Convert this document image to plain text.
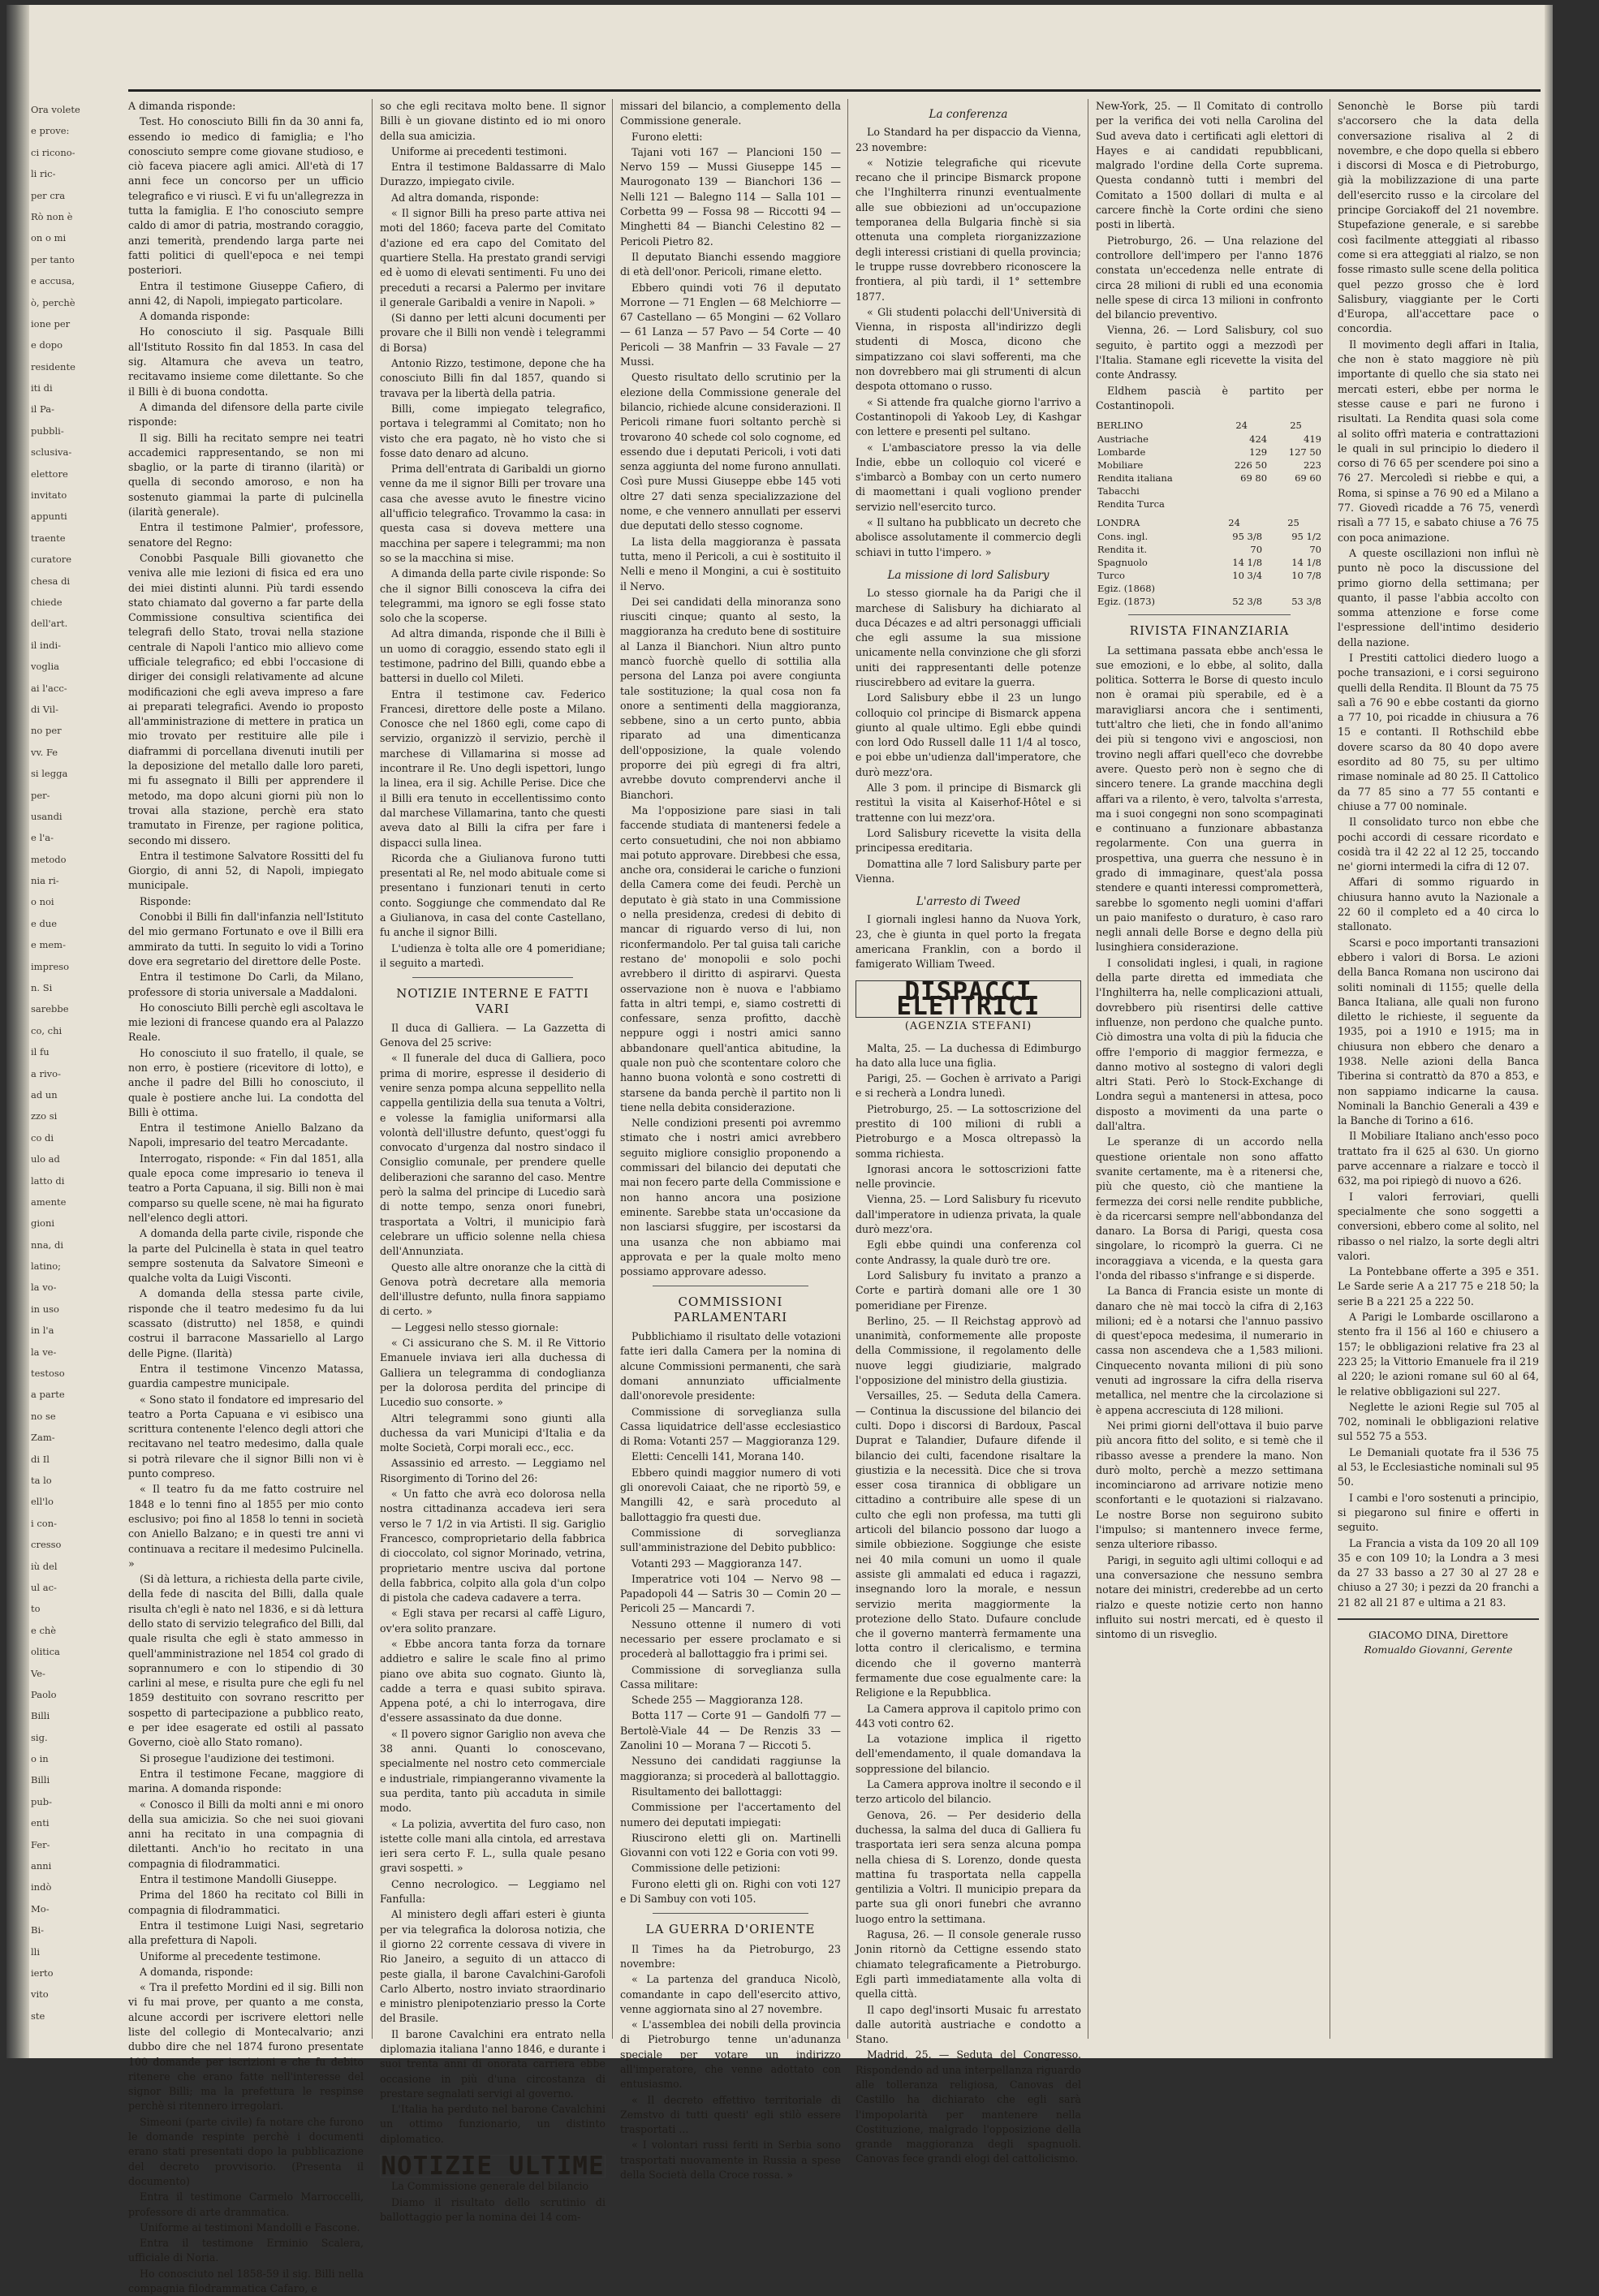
Ora volete

e prove:

ci ricono-

li ric-

per cra

Rò non è

on o mi

per tanto

e accusa,

ò, perchè

ione per

e dopo

residente

iti di

il Pa-

pubbli-

sclusiva-

elettore

invitato

appunti

traente

curatore

chesa di

chiede

dell'art.

il indi-

voglia

ai l'acc-

di Vil-

no per

vv. Fe

si legga

per-

usandi

e l'a-

metodo

nia ri-

o noi

e due

e mem-

impreso

n. Si

sarebbe

co, chi

il fu

a rivo-

ad un

zzo si

co di

ulo ad

latto di

amente

gioni

nna, di

latino;

la vo-

in uso

in l'a

la ve-

testoso

a parte

no se

Zam-

di Il

ta lo

ell'lo

i con-

cresso

iù del

ul ac-

to

e chè

olitica

Ve-

Paolo

Billi

sig.

o in

Billi

pub-

enti

Fer-

anni

indò

Mo-

Bi-

lli

ierto

vito

ste

A dimanda risponde:

Test. Ho conosciuto Billi fin da 30 anni fa, essendo io medico di famiglia; e l'ho conosciuto sempre come giovane studioso, e ciò faceva piacere agli amici. All'età di 17 anni fece un concorso per un ufficio telegrafico e vi riuscì. E vi fu un'allegrezza in tutta la famiglia. E l'ho conosciuto sempre caldo di amor di patria, mostrando coraggio, anzi temerità, prendendo larga parte nei fatti politici di quell'epoca e nei tempi posteriori.

Entra il testimone Giuseppe Cafiero, di anni 42, di Napoli, impiegato particolare.

A domanda risponde:

Ho conosciuto il sig. Pasquale Billi all'Istituto Rossito fin dal 1853. In casa del sig. Altamura che aveva un teatro, recitavamo insieme come dilettante. So che il Billi è di buona condotta.

A dimanda del difensore della parte civile risponde:

Il sig. Billi ha recitato sempre nei teatri accademici rappresentando, se non mi sbaglio, or la parte di tiranno (ilarità) or quella di secondo amoroso, e non ha sostenuto giammai la parte di pulcinella (ilarità generale).

Entra il testimone Palmier', professore, senatore del Regno:

Conobbi Pasquale Billi giovanetto che veniva alle mie lezioni di fisica ed era uno dei miei distinti alunni. Più tardi essendo stato chiamato dal governo a far parte della Commissione consultiva scientifica dei telegrafi dello Stato, trovai nella stazione centrale di Napoli l'antico mio allievo come ufficiale telegrafico; ed ebbi l'occasione di diriger dei consigli relativamente ad alcune modificazioni che egli aveva impreso a fare ai preparati telegrafici. Avendo io proposto all'amministrazione di mettere in pratica un mio trovato per restituire alle pile i diaframmi di porcellana divenuti inutili per la deposizione del metallo dalle loro pareti, mi fu assegnato il Billi per apprendere il metodo, ma dopo alcuni giorni più non lo trovai alla stazione, perchè era stato tramutato in Firenze, per ragione politica, secondo mi dissero.

Entra il testimone Salvatore Rossitti del fu Giorgio, di anni 52, di Napoli, impiegato municipale.

Risponde:

Conobbi il Billi fin dall'infanzia nell'Istituto del mio germano Fortunato e ove il Billi era ammirato da tutti. In seguito lo vidi a Torino dove era segretario del direttore delle Poste.

Entra il testimone Do Carli, da Milano, professore di storia universale a Maddaloni.

Ho conosciuto Billi perchè egli ascoltava le mie lezioni di francese quando era al Palazzo Reale.

Ho conosciuto il suo fratello, il quale, se non erro, è postiere (ricevitore di lotto), e anche il padre del Billi ho conosciuto, il quale è postiere anche lui. La condotta del Billi è ottima.

Entra il testimone Aniello Balzano da Napoli, impresario del teatro Mercadante.

Interrogato, risponde: « Fin dal 1851, alla quale epoca come impresario io teneva il teatro a Porta Capuana, il sig. Billi non è mai comparso su quelle scene, nè mai ha figurato nell'elenco degli attori.

A domanda della parte civile, risponde che la parte del Pulcinella è stata in quel teatro sempre sostenuta da Salvatore Simeonì e qualche volta da Luigi Visconti.

A domanda della stessa parte civile, risponde che il teatro medesimo fu da lui scassato (distrutto) nel 1858, e quindi costrui il barracone Massariello al Largo delle Pigne. (Ilarità)

Entra il testimone Vincenzo Matassa, guardia campestre municipale.

« Sono stato il fondatore ed impresario del teatro a Porta Capuana e vi esibisco una scrittura contenente l'elenco degli attori che recitavano nel teatro medesimo, dalla quale si potrà rilevare che il signor Billi non vi è punto compreso.

« Il teatro fu da me fatto costruire nel 1848 e lo tenni fino al 1855 per mio conto esclusivo; poi fino al 1858 lo tenni in società con Aniello Balzano; e in questi tre anni vi continuava a recitare il medesimo Pulcinella. »

(Si dà lettura, a richiesta della parte civile, della fede di nascita del Billi, dalla quale risulta ch'egli è nato nel 1836, e si dà lettura dello stato di servizio telegrafico del Billi, dal quale risulta che egli è stato ammesso in quell'amministrazione nel 1854 col grado di soprannumero e con lo stipendio di 30 carlini al mese, e risulta pure che egli fu nel 1859 destituito con sovrano rescritto per sospetto di partecipazione a pubblico reato, e per idee esagerate ed ostili al passato Governo, cioè allo Stato romano).

Si prosegue l'audizione dei testimoni.

Entra il testimone Fecane, maggiore di marina. A domanda risponde:

« Conosco il Billi da molti anni e mi onoro della sua amicizia. So che nei suoi giovani anni ha recitato in una compagnia di dilettanti. Anch'io ho recitato in una compagnia di filodrammatici.

Entra il testimone Mandolli Giuseppe.

Prima del 1860 ha recitato col Billi in compagnia di filodrammatici.

Entra il testimone Luigi Nasi, segretario alla prefettura di Napoli.

Uniforme al precedente testimone.

A domanda, risponde:

« Tra il prefetto Mordini ed il sig. Billi non vi fu mai prove, per quanto a me consta, alcune accordi per iscrivere elettori nelle liste del collegio di Montecalvario; anzi dubbo dire che nel 1874 furono presentate 100 domande per iscrizioni e che fu debito ritenere che erano fatte nell'interesse del signor Billi; ma la prefettura le respinse perchè si ritennero irregolari.

Simeoni (parte civile) fa notare che furono le domande respinte perchè i documenti erano stati presentati dopo la pubblicazione del decreto provvisorio. (Presenta il documento)

Entra il testimone Carmelo Marroccelli, professore di arte drammatica.

Uniforme ai testimoni Mandolli e Fascone.

Entra il testimone Erminio Scalera, ufficiale di Noria.

Ho conosciuto nel 1858-59 il sig. Billi nella compagnia filodrammatica Cafaro, e

so che egli recitava molto bene. Il signor Billi è un giovane distinto ed io mi onoro della sua amicizia.

Uniforme ai precedenti testimoni.

Entra il testimone Baldassarre di Malo Durazzo, impiegato civile.

Ad altra domanda, risponde:

« Il signor Billi ha preso parte attiva nei moti del 1860; faceva parte del Comitato d'azione ed era capo del Comitato del quartiere Stella. Ha prestato grandi servigi ed è uomo di elevati sentimenti. Fu uno dei preceduti a recarsi a Palermo per invitare il generale Garibaldi a venire in Napoli. »

(Si danno per letti alcuni documenti per provare che il Billi non vendè i telegrammi di Borsa)

Antonio Rizzo, testimone, depone che ha conosciuto Billi fin dal 1857, quando si travava per la libertà della patria.

Billi, come impiegato telegrafico, portava i telegrammi al Comitato; non ho visto che era pagato, nè ho visto che si fosse dato denaro ad alcuno.

Prima dell'entrata di Garibaldi un giorno venne da me il signor Billi per trovare una casa che avesse avuto le finestre vicino all'ufficio telegrafico. Trovammo la casa: in questa casa si doveva mettere una macchina per sapere i telegrammi; ma non so se la macchina si mise.

A dimanda della parte civile risponde: So che il signor Billi conosceva la cifra dei telegrammi, ma ignoro se egli fosse stato solo che la scoperse.

Ad altra dimanda, risponde che il Billi è un uomo di coraggio, essendo stato egli il testimone, padrino del Billi, quando ebbe a battersi in duello col Mileti.

Entra il testimone cav. Federico Francesi, direttore delle poste a Milano. Conosce che nel 1860 egli, come capo di servizio, organizzò il servizio, perchè il marchese di Villamarina si mosse ad incontrare il Re. Uno degli ispettori, lungo la linea, era il sig. Achille Perise. Dice che il Billi era tenuto in eccellentissimo conto dal marchese Villamarina, tanto che questi aveva dato al Billi la cifra per fare i dispacci sulla linea.

Ricorda che a Giulianova furono tutti presentati al Re, nel modo abituale come si presentano i funzionari tenuti in certo conto. Soggiunge che commendato dal Re a Giulianova, in casa del conte Castellano, fu anche il signor Billi.

L'udienza è tolta alle ore 4 pomeridiane; il seguito a martedì.

NOTIZIE INTERNE E FATTI VARI

Il duca di Galliera. — La Gazzetta di Genova del 25 scrive:

« Il funerale del duca di Galliera, poco prima di morire, espresse il desiderio di venire senza pompa alcuna seppellito nella cappella gentilizia della sua tenuta a Voltri, e volesse la famiglia uniformarsi alla volontà dell'illustre defunto, quest'oggi fu convocato d'urgenza dal nostro sindaco il Consiglio comunale, per prendere quelle deliberazioni che saranno del caso. Mentre però la salma del principe di Lucedio sarà di notte tempo, senza onori funebri, trasportata a Voltri, il municipio farà celebrare un ufficio solenne nella chiesa dell'Annunziata.

Questo alle altre onoranze che la città di Genova potrà decretare alla memoria dell'illustre defunto, nulla finora sappiamo di certo. »

— Leggesi nello stesso giornale:

« Ci assicurano che S. M. il Re Vittorio Emanuele inviava ieri alla duchessa di Galliera un telegramma di condoglianza per la dolorosa perdita del principe di Lucedio suo consorte. »

Altri telegrammi sono giunti alla duchessa da vari Municipi d'Italia e da molte Società, Corpi morali ecc., ecc.

Assassinio ed arresto. — Leggiamo nel Risorgimento di Torino del 26:

« Un fatto che avrà eco dolorosa nella nostra cittadinanza accadeva ieri sera verso le 7 1/2 in via Artisti. Il sig. Gariglio Francesco, comproprietario della fabbrica di cioccolato, col signor Morinado, vetrina, proprietario mentre usciva dal portone della fabbrica, colpito alla gola d'un colpo di pistola che cadeva cadavere a terra.

« Egli stava per recarsi al caffè Liguro, ov'era solito pranzare.

« Ebbe ancora tanta forza da tornare addietro e salire le scale fino al primo piano ove abita suo cognato. Giunto là, cadde a terra e quasi subito spirava. Appena poté, a chi lo interrogava, dire d'essere assassinato da due donne.

« Il povero signor Gariglio non aveva che 38 anni. Quanti lo conoscevano, specialmente nel nostro ceto commerciale e industriale, rimpiangeranno vivamente la sua perdita, tanto più accaduta in simile modo.

« La polizia, avvertita del furo caso, non istette colle mani alla cintola, ed arrestava ieri sera certo F. L., sulla quale pesano gravi sospetti. »

Cenno necrologico. — Leggiamo nel Fanfulla:

Al ministero degli affari esteri è giunta per via telegrafica la dolorosa notizia, che il giorno 22 corrente cessava di vivere in Rio Janeiro, a seguito di un attacco di peste gialla, il barone Cavalchini-Garofoli Carlo Alberto, nostro inviato straordinario e ministro plenipotenziario presso la Corte del Brasile.

Il barone Cavalchini era entrato nella diplomazia italiana l'anno 1846, e durante i suoi trenta anni di onorata carriera ebbe occasione in più d'una circostanza di prestare segnalati servigi al governo.

L'Italia ha perduto nel barone Cavalchini un ottimo funzionario, un distinto diplomatico.

NOTIZIE ULTIME

La Commissione generale del bilancio

Diamo il risultato dello scrutinio di ballottaggio per la nomina dei 14 com-

missari del bilancio, a complemento della Commissione generale.

Furono eletti:

Tajani voti 167 — Plancioni 150 — Nervo 159 — Mussi Giuseppe 145 — Maurogonato 139 — Bianchori 136 — Nelli 121 — Balegno 114 — Salla 101 — Corbetta 99 — Fossa 98 — Riccotti 94 — Minghetti 84 — Bianchi Celestino 82 — Pericoli Pietro 82.

Il deputato Bianchi essendo maggiore di età dell'onor. Pericoli, rimane eletto.

Ebbero quindi voti 76 il deputato Morrone — 71 Englen — 68 Melchiorre — 67 Castellano — 65 Mongini — 62 Vollaro — 61 Lanza — 57 Pavo — 54 Corte — 40 Pericoli — 38 Manfrin — 33 Favale — 27 Mussi.

Questo risultato dello scrutinio per la elezione della Commissione generale del bilancio, richiede alcune considerazioni. Il Pericoli rimane fuori soltanto perchè si trovarono 40 schede col solo cognome, ed essendo due i deputati Pericoli, i voti dati senza aggiunta del nome furono annullati. Così pure Mussi Giuseppe ebbe 145 voti oltre 27 dati senza specializzazione del nome, e che vennero annullati per esservi due deputati dello stesso cognome.

La lista della maggioranza è passata tutta, meno il Pericoli, a cui è sostituito il Nelli e meno il Mongini, a cui è sostituito il Nervo.

Dei sei candidati della minoranza sono riusciti cinque; quanto al sesto, la maggioranza ha creduto bene di sostituire al Lanza il Bianchori. Niun altro punto mancò fuorchè quello di sottilia alla persona del Lanza poi avere congiunta tale sostituzione; la qual cosa non fa onore a sentimenti della maggioranza, sebbene, sino a un certo punto, abbia riparato ad una dimenticanza dell'opposizione, la quale volendo proporre dei più egregi di fra altri, avrebbe dovuto comprendervi anche il Bianchori.

Ma l'opposizione pare siasi in tali faccende studiata di mantenersi fedele a certo consuetudini, che noi non abbiamo mai potuto approvare. Direbbesi che essa, anche ora, considerai le cariche o funzioni della Camera come dei feudi. Perchè un deputato è già stato in una Commissione o nella presidenza, credesi di debito di mancar di riguardo verso di lui, non riconfermandolo. Per tal guisa tali cariche restano de' monopolii e solo pochi avrebbero il diritto di aspirarvi. Questa osservazione non è nuova e l'abbiamo fatta in altri tempi, e, siamo costretti di confessare, senza profitto, dacchè neppure oggi i nostri amici sanno abbandonare quell'antica abitudine, la quale non può che scontentare coloro che hanno buona volontà e sono costretti di starsene da banda perchè il partito non li tiene nella debita considerazione.

Nelle condizioni presenti poi avremmo stimato che i nostri amici avrebbero seguito migliore consiglio proponendo a commissari del bilancio dei deputati che mai non fecero parte della Commissione e non hanno ancora una posizione eminente. Sarebbe stata un'occasione da non lasciarsi sfuggire, per iscostarsi da una usanza che non abbiamo mai approvata e per la quale molto meno possiamo approvare adesso.

COMMISSIONI PARLAMENTARI

Pubblichiamo il risultato delle votazioni fatte ieri dalla Camera per la nomina di alcune Commissioni permanenti, che sarà domani annunziato ufficialmente dall'onorevole presidente:

Commissione di sorveglianza sulla Cassa liquidatrice dell'asse ecclesiastico di Roma: Votanti 257 — Maggioranza 129.

Eletti: Cencelli 141, Morana 140.

Ebbero quindi maggior numero di voti gli onorevoli Caiaat, che ne riportò 59, e Mangilli 42, e sarà proceduto al ballottaggio fra questi due.

Commissione di sorveglianza sull'amministrazione del Debito pubblico:

Votanti 293 — Maggioranza 147.

Imperatrice voti 104 — Nervo 98 — Papadopoli 44 — Satris 30 — Comin 20 — Pericoli 25 — Mancardi 7.

Nessuno ottenne il numero di voti necessario per essere proclamato e si procederà al ballottaggio fra i primi sei.

Commissione di sorveglianza sulla Cassa militare:

Schede 255 — Maggioranza 128.

Botta 117 — Corte 91 — Gandolfi 77 — Bertolè-Viale 44 — De Renzis 33 — Zanolini 10 — Morana 7 — Riccoti 5.

Nessuno dei candidati raggiunse la maggioranza; si procederà al ballottaggio.

Risultamento dei ballottaggi:

Commissione per l'accertamento del numero dei deputati impiegati:

Riuscirono eletti gli on. Martinelli Giovanni con voti 122 e Goria con voti 99.

Commissione delle petizioni:

Furono eletti gli on. Righi con voti 127 e Di Sambuy con voti 105.

LA GUERRA D'ORIENTE

Il Times ha da Pietroburgo, 23 novembre:

« La partenza del granduca Nicolò, comandante in capo dell'esercito attivo, venne aggiornata sino al 27 novembre.

« L'assemblea dei nobili della provincia di Pietroburgo tenne un'adunanza speciale per votare un indirizzo all'imperatore, che venne adottato con entusiasmo.

« Il decreto effettivo territoriale di Zemstvo di tutti questi' egli stilò essere trasportati ...

« I volontari russi feriti in Serbia sono trasportati nuovamente in Russia a spese della Società della Croce rossa. »

La conferenza

Lo Standard ha per dispaccio da Vienna, 23 novembre:

« Notizie telegrafiche qui ricevute recano che il principe Bismarck propone che l'Inghilterra rinunzi eventualmente alle sue obbiezioni ad un'occupazione temporanea della Bulgaria finchè si sia ottenuta una completa riorganizzazione degli interessi cristiani di quella provincia; le truppe russe dovrebbero riconoscere la frontiera, al più tardi, il 1° settembre 1877.

« Gli studenti polacchi dell'Università di Vienna, in risposta all'indirizzo degli studenti di Mosca, dicono che simpatizzano coi slavi sofferenti, ma che non dovrebbero mai gli strumenti di alcun despota ottomano o russo.

« Si attende fra qualche giorno l'arrivo a Costantinopoli di Yakoob Ley, di Kashgar con lettere e presenti pel sultano.

« L'ambasciatore presso la via delle Indie, ebbe un colloquio col viceré e s'imbarcò a Bombay con un certo numero di maomettani i quali vogliono prender servizio nell'esercito turco.

« Il sultano ha pubblicato un decreto che abolisce assolutamente il commercio degli schiavi in tutto l'impero. »

La missione di lord Salisbury

Lo stesso giornale ha da Parigi che il marchese di Salisbury ha dichiarato al duca Décazes e ad altri personaggi ufficiali che egli assume la sua missione unicamente nella convinzione che gli sforzi uniti dei rappresentanti delle potenze riuscirebbero ad evitare la guerra.

Lord Salisbury ebbe il 23 un lungo colloquio col principe di Bismarck appena giunto al quale ultimo. Egli ebbe quindi con lord Odo Russell dalle 11 1/4 al tosco, e poi ebbe un'udienza dall'imperatore, che durò mezz'ora.

Alle 3 pom. il principe di Bismarck gli restituì la visita al Kaiserhof-Hôtel e si trattenne con lui mezz'ora.

Lord Salisbury ricevette la visita della principessa ereditaria.

Domattina alle 7 lord Salisbury parte per Vienna.

L'arresto di Tweed

I giornali inglesi hanno da Nuova York, 23, che è giunta in quel porto la fregata americana Franklin, con a bordo il famigerato William Tweed.

DISPACCI ELETTRICI
(AGENZIA STEFANI)

Malta, 25. — La duchessa di Edimburgo ha dato alla luce una figlia.

Parigi, 25. — Gochen è arrivato a Parigi e si recherà a Londra lunedì.

Pietroburgo, 25. — La sottoscrizione del prestito di 100 milioni di rubli a Pietroburgo e a Mosca oltrepassò la somma richiesta.

Ignorasi ancora le sottoscrizioni fatte nelle provincie.

Vienna, 25. — Lord Salisbury fu ricevuto dall'imperatore in udienza privata, la quale durò mezz'ora.

Egli ebbe quindi una conferenza col conte Andrassy, la quale durò tre ore.

Lord Salisbury fu invitato a pranzo a Corte e partirà domani alle ore 1 30 pomeridiane per Firenze.

Berlino, 25. — Il Reichstag approvò ad unanimità, conformemente alle proposte della Commissione, il regolamento delle nuove leggi giudiziarie, malgrado l'opposizione del ministro della giustizia.

Versailles, 25. — Seduta della Camera. — Continua la discussione del bilancio dei culti. Dopo i discorsi di Bardoux, Pascal Duprat e Talandier, Dufaure difende il bilancio dei culti, facendone risaltare la giustizia e la necessità. Dice che si trova esser cosa tirannica di obbligare un cittadino a contribuire alle spese di un culto che egli non professa, ma tutti gli articoli del bilancio possono dar luogo a simile obbiezione. Soggiunge che esiste nei 40 mila comuni un uomo il quale assiste gli ammalati ed educa i ragazzi, insegnando loro la morale, e nessun servizio merita maggiormente la protezione dello Stato. Dufaure conclude che il governo manterrà fermamente una lotta contro il clericalismo, e termina dicendo che il governo manterrà fermamente due cose egualmente care: la Religione e la Repubblica.

La Camera approva il capitolo primo con 443 voti contro 62.

La votazione implica il rigetto dell'emendamento, il quale domandava la soppressione del bilancio.

La Camera approva inoltre il secondo e il terzo articolo del bilancio.

Genova, 26. — Per desiderio della duchessa, la salma del duca di Galliera fu trasportata ieri sera senza alcuna pompa nella chiesa di S. Lorenzo, donde questa mattina fu trasportata nella cappella gentilizia a Voltri. Il municipio prepara da parte sua gli onori funebri che avranno luogo entro la settimana.

Ragusa, 26. — Il console generale russo Jonin ritornò da Cettigne essendo stato chiamato telegraficamente a Pietroburgo. Egli partì immediatamente alla volta di quella città.

Il capo degl'insorti Musaic fu arrestato dalle autorità austriache e condotto a Stano.

Madrid, 25. — Seduta del Congresso. Rispondendo ad una interpellanza riguardo alle tolleranza religiosa, Canovas del Castillo ha dichiarato che egli sarà l'impopolarità per mantenere nella Costituzione, malgrado l'opposizione della grande maggioranza degli spagnuoli. Canovas fece grandi elogi del cattolicismo.

New-York, 25. — Il Comitato di controllo per la verifica dei voti nella Carolina del Sud aveva dato i certificati agli elettori di Hayes e ai candidati repubblicani, malgrado l'ordine della Corte suprema. Questa condannò tutti i membri del Comitato a 1500 dollari di multa e al carcere finchè la Corte ordini che sieno posti in libertà.

Pietroburgo, 26. — Una relazione del controllore dell'impero per l'anno 1876 constata un'eccedenza nelle entrate di circa 28 milioni di rubli ed una economia nelle spese di circa 13 milioni in confronto del bilancio preventivo.

Vienna, 26. — Lord Salisbury, col suo seguito, è partito oggi a mezzodì per l'Italia. Stamane egli ricevette la visita del conte Andrassy.

Eldhem pascià è partito per Costantinopoli.

BERLINO	24	25
Austriache	424	419
Lombarde	129	127 50
Mobiliare	226 50	223
Rendita italiana	69 80	69 60
Tabacchi		
Rendita Turca		
LONDRA	24	25
Cons. ingl.	95 3/8	95 1/2
Rendita it.	70	70
Spagnuolo	14 1/8	14 1/8
Turco	10 3/4	10 7/8
Egiz. (1868)		
Egiz. (1873)	52 3/8	53 3/8
RIVISTA FINANZIARIA

La settimana passata ebbe anch'essa le sue emozioni, e lo ebbe, al solito, dalla politica. Sotterra le Borse di questo inculo non è oramai più sperabile, ed è a maravigliarsi ancora che i sentimenti, tutt'altro che lieti, che in fondo all'animo dei più si tengono vivi e angosciosi, non trovino negli affari quell'eco che dovrebbe avere. Questo però non è segno che di sincero tenere. La grande macchina degli affari va a rilento, è vero, talvolta s'arresta, ma i suoi congegni non sono scompaginati e continuano a funzionare abbastanza regolarmente. Con una guerra in prospettiva, una guerra che nessuno è in grado di immaginare, quest'ala possa stendere e quanti interessi comprometterà, sarebbe lo sgomento negli uomini d'affari un paio manifesto o duraturo, è caso raro negli annali delle Borse e degno della più lusinghiera considerazione.

I consolidati inglesi, i quali, in ragione della parte diretta ed immediata che l'Inghilterra ha, nelle complicazioni attuali, dovrebbero più risentirsi delle cattive influenze, non perdono che qualche punto. Ciò dimostra una volta di più la fiducia che offre l'emporio di maggior fermezza, e danno motivo al sostegno di valori degli altri Stati. Però lo Stock-Exchange di Londra seguì a mantenersi in attesa, poco disposto a movimenti da una parte o dall'altra.

Le speranze di un accordo nella questione orientale non sono affatto svanite certamente, ma è a ritenersi che, più che questo, ciò che mantiene la fermezza dei corsi nelle rendite pubbliche, è da ricercarsi sempre nell'abbondanza del danaro. La Borsa di Parigi, questa cosa singolare, lo ricomprò la guerra. Ci ne incoraggiava a vicenda, e la questa gara l'onda del ribasso s'infrange e si disperde.

La Banca di Francia esiste un monte di danaro che nè mai toccò la cifra di 2,163 milioni; ed è a notarsi che l'annuo passivo di quest'epoca medesima, il numerario in cassa non ascendeva che a 1,583 milioni. Cinquecento novanta milioni di più sono venuti ad ingrossare la cifra della riserva metallica, nel mentre che la circolazione si è appena accresciuta di 128 milioni.

Nei primi giorni dell'ottava il buio parve più ancora fitto del solito, e si temè che il ribasso avesse a prendere la mano. Non durò molto, perchè a mezzo settimana incominciarono ad arrivare notizie meno sconfortanti e le quotazioni si rialzavano. Le nostre Borse non seguirono subito l'impulso; si mantennero invece ferme, senza ulteriore ribasso.

Parigi, in seguito agli ultimi colloqui e ad una conversazione che nessuno sembra notare dei ministri, crederebbe ad un certo rialzo e queste notizie certo non hanno influito sui nostri mercati, ed è questo il sintomo di un risveglio.

Senonchè le Borse più tardi s'accorsero che la data della conversazione risaliva al 2 di novembre, e che dopo quella si ebbero i discorsi di Mosca e di Pietroburgo, già la mobilizzazione di una parte dell'esercito russo e la circolare del principe Gorciakoff del 21 novembre. Stupefazione generale, e si sarebbe così facilmente atteggiati al ribasso come si era atteggiati al rialzo, se non fosse rimasto sulle scene della politica quel pezzo grosso che è lord Salisbury, viaggiante per le Corti d'Europa, all'accettare pace o concordia.

Il movimento degli affari in Italia, che non è stato maggiore nè più importante di quello che sia stato nei mercati esteri, ebbe per norma le stesse cause e pari ne furono i risultati. La Rendita quasi sola come al solito offrì materia e contrattazioni le quali in sul principio lo diedero il corso di 76 65 per scendere poi sino a 76 27. Mercoledì si riebbe e qui, a Roma, si spinse a 76 90 ed a Milano a 77. Giovedì ricadde a 76 75, venerdì risalì a 77 15, e sabato chiuse a 76 75 con poca animazione.

A queste oscillazioni non influì nè punto nè poco la discussione del primo giorno della settimana; per quanto, il passe l'abbia accolto con somma attenzione e forse come l'espressione dell'intimo desiderio della nazione.

I Prestiti cattolici diedero luogo a poche transazioni, e i corsi seguirono quelli della Rendita. Il Blount da 75 75 salì a 76 90 e ebbe costanti da giorno a 77 10, poi ricadde in chiusura a 76 15 e contanti. Il Rothschild ebbe dovere scarso da 80 40 dopo avere esordito ad 80 75, su per ultimo rimase nominale ad 80 25. Il Cattolico da 77 85 sino a 77 55 contanti e chiuse a 77 00 nominale.

Il consolidato turco non ebbe che pochi accordi di cessare ricordato e cosidà tra il 42 22 al 12 25, toccando ne' giorni intermedi la cifra di 12 07.

Affari di sommo riguardo in chiusura hanno avuto la Nazionale a 22 60 il completo ed a 40 circa lo stallonato.

Scarsi e poco importanti transazioni ebbero i valori di Borsa. Le azioni della Banca Romana non uscirono dai soliti nominali di 1155; quelle della Banca Italiana, alle quali non furono diletto le richieste, il seguente da 1935, poi a 1910 e 1915; ma in chiusura non ebbero che denaro a 1938. Nelle azioni della Banca Tiberina si contrattò da 870 a 853, e non sappiamo indicarne la causa. Nominali la Banchio Generali a 439 e la Banche di Torino a 616.

Il Mobiliare Italiano anch'esso poco trattato fra il 625 al 630. Un giorno parve accennare a rialzare e toccò il 632, ma poi ripiegò di nuovo a 626.

I valori ferroviari, quelli specialmente che sono soggetti a conversioni, ebbero come al solito, nel ribasso o nel rialzo, la sorte degli altri valori.

La Pontebbane offerte a 395 e 351. Le Sarde serie A a 217 75 e 218 50; la serie B a 221 25 a 222 50.

A Parigi le Lombarde oscillarono a stento fra il 156 al 160 e chiusero a 157; le obbligazioni relative fra 23 al 223 25; la Vittorio Emanuele fra il 219 al 220; le azioni romane sul 60 al 64, le relative obbligazioni sul 227.

Neglette le azioni Regie sul 705 al 702, nominali le obbligazioni relative sul 552 75 a 553.

Le Demaniali quotate fra il 536 75 al 53, le Ecclesiastiche nominali sul 95 50.

I cambi e l'oro sostenuti a principio, si piegarono sul finire e offerti in seguito.

La Francia a vista da 109 20 all 109 35 e con 109 10; la Londra a 3 mesi da 27 33 basso a 27 30 al 27 28 e chiuso a 27 30; i pezzi da 20 franchi a 21 82 all 21 87 e ultima a 21 83.

GIACOMO DINA, Direttore
Romualdo Giovanni, Gerente
